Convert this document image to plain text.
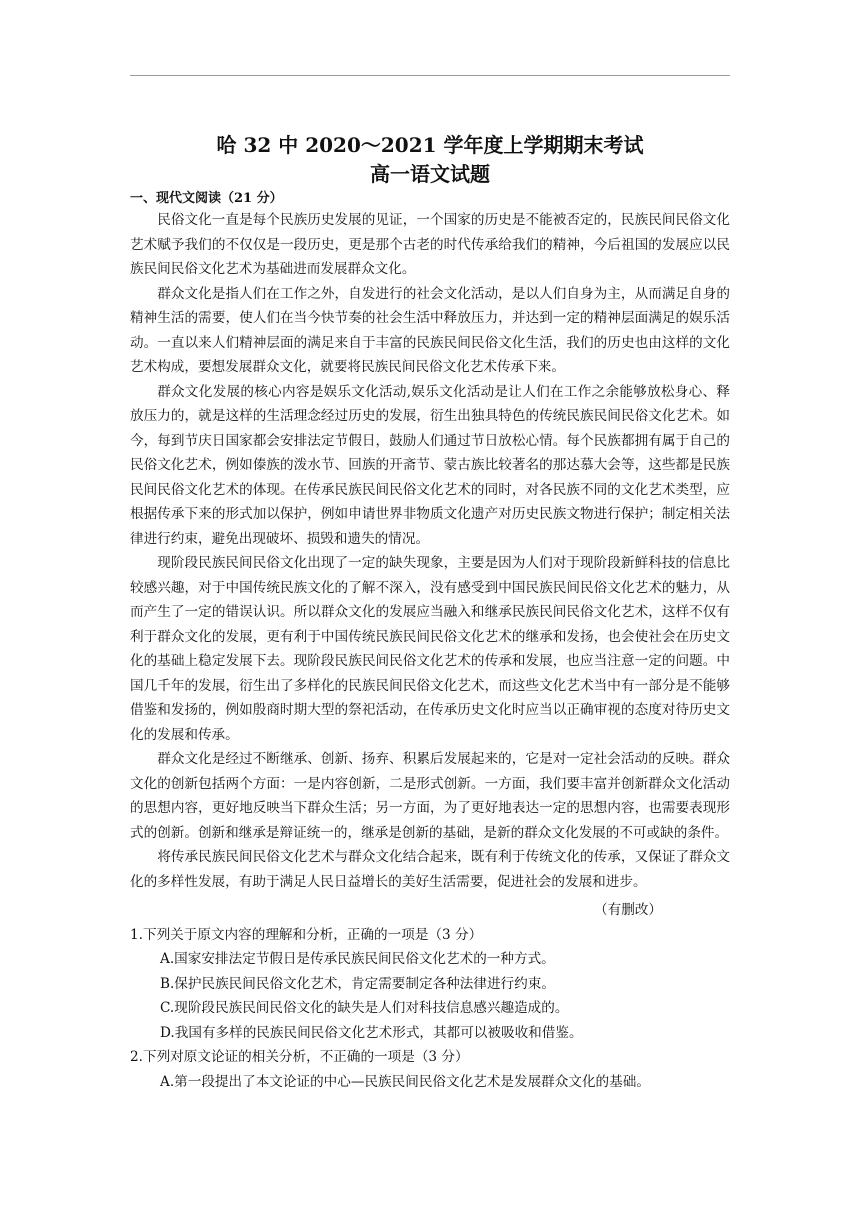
哈 32 中 2020～2021 学年度上学期期末考试
高一语文试题

一、现代文阅读（21 分）

民俗文化一直是每个民族历史发展的见证，一个国家的历史是不能被否定的，民族民间民俗文化艺术赋予我们的不仅仅是一段历史，更是那个古老的时代传承给我们的精神，今后祖国的发展应以民族民间民俗文化艺术为基础进而发展群众文化。

群众文化是指人们在工作之外，自发进行的社会文化活动，是以人们自身为主，从而满足自身的精神生活的需要，使人们在当今快节奏的社会生活中释放压力，并达到一定的精神层面满足的娱乐活动。一直以来人们精神层面的满足来自于丰富的民族民间民俗文化生活，我们的历史也由这样的文化艺术构成，要想发展群众文化，就要将民族民间民俗文化艺术传承下来。

群众文化发展的核心内容是娱乐文化活动,娱乐文化活动是让人们在工作之余能够放松身心、释放压力的，就是这样的生活理念经过历史的发展，衍生出独具特色的传统民族民间民俗文化艺术。如今，每到节庆日国家都会安排法定节假日，鼓励人们通过节日放松心情。每个民族都拥有属于自己的民俗文化艺术，例如傣族的泼水节、回族的开斋节、蒙古族比较著名的那达慕大会等，这些都是民族民间民俗文化艺术的体现。在传承民族民间民俗文化艺术的同时，对各民族不同的文化艺术类型，应根据传承下来的形式加以保护，例如申请世界非物质文化遗产对历史民族文物进行保护；制定相关法律进行约束，避免出现破坏、损毁和遗失的情况。

现阶段民族民间民俗文化出现了一定的缺失现象，主要是因为人们对于现阶段新鲜科技的信息比较感兴趣，对于中国传统民族文化的了解不深入，没有感受到中国民族民间民俗文化艺术的魅力，从而产生了一定的错误认识。所以群众文化的发展应当融入和继承民族民间民俗文化艺术，这样不仅有利于群众文化的发展，更有利于中国传统民族民间民俗文化艺术的继承和发扬，也会使社会在历史文化的基础上稳定发展下去。现阶段民族民间民俗文化艺术的传承和发展，也应当注意一定的问题。中国几千年的发展，衍生出了多样化的民族民间民俗文化艺术，而这些文化艺术当中有一部分是不能够借鉴和发扬的，例如殷商时期大型的祭祀活动，在传承历史文化时应当以正确审视的态度对待历史文化的发展和传承。

群众文化是经过不断继承、创新、扬弃、积累后发展起来的，它是对一定社会活动的反映。群众文化的创新包括两个方面：一是内容创新，二是形式创新。一方面，我们要丰富并创新群众文化活动的思想内容，更好地反映当下群众生活；另一方面，为了更好地表达一定的思想内容，也需要表现形式的创新。创新和继承是辩证统一的，继承是创新的基础，是新的群众文化发展的不可或缺的条件。

将传承民族民间民俗文化艺术与群众文化结合起来，既有利于传统文化的传承，又保证了群众文化的多样性发展，有助于满足人民日益增长的美好生活需要，促进社会的发展和进步。

（有删改）

1.下列关于原文内容的理解和分析，正确的一项是（3 分）

A.国家安排法定节假日是传承民族民间民俗文化艺术的一种方式。

B.保护民族民间民俗文化艺术，肯定需要制定各种法律进行约束。

C.现阶段民族民间民俗文化的缺失是人们对科技信息感兴趣造成的。

D.我国有多样的民族民间民俗文化艺术形式，其都可以被吸收和借鉴。

2.下列对原文论证的相关分析，不正确的一项是（3 分）

A.第一段提出了本文论证的中心—民族民间民俗文化艺术是发展群众文化的基础。
